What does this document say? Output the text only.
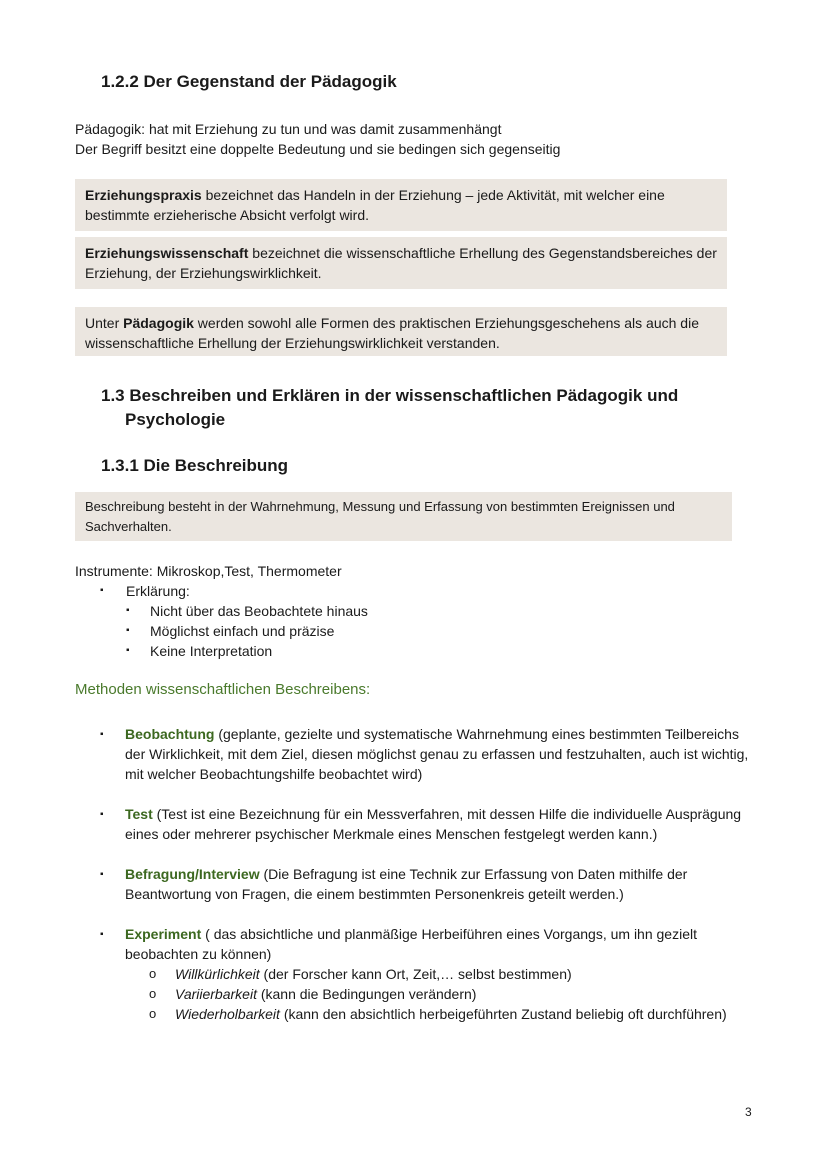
1.2.2 Der Gegenstand der Pädagogik
Pädagogik: hat mit Erziehung zu tun und was damit zusammenhängt
Der Begriff besitzt eine doppelte Bedeutung und sie bedingen sich gegenseitig
Erziehungspraxis bezeichnet das Handeln in der Erziehung – jede Aktivität, mit welcher eine bestimmte erzieherische Absicht verfolgt wird.
Erziehungswissenschaft bezeichnet die wissenschaftliche Erhellung des Gegenstandsbereiches der Erziehung, der Erziehungswirklichkeit.
Unter Pädagogik werden sowohl alle Formen des praktischen Erziehungsgeschehens als auch die wissenschaftliche Erhellung der Erziehungswirklichkeit verstanden.
1.3 Beschreiben und Erklären in der wissenschaftlichen Pädagogik und
Psychologie
1.3.1 Die Beschreibung
Beschreibung besteht in der Wahrnehmung, Messung und Erfassung von bestimmten Ereignissen und Sachverhalten.
Instrumente: Mikroskop,Test, Thermometer
▪ Erklärung:
▪ Nicht über das Beobachtete hinaus
▪ Möglichst einfach und präzise
▪ Keine Interpretation
Methoden wissenschaftlichen Beschreibens:
▪ Beobachtung (geplante, gezielte und systematische Wahrnehmung eines bestimmten Teilbereichs der Wirklichkeit, mit dem Ziel, diesen möglichst genau zu erfassen und festzuhalten, auch ist wichtig, mit welcher Beobachtungshilfe beobachtet wird)
▪ Test (Test ist eine Bezeichnung für ein Messverfahren, mit dessen Hilfe die individuelle Ausprägung eines oder mehrerer psychischer Merkmale eines Menschen festgelegt werden kann.)
▪ Befragung/Interview (Die Befragung ist eine Technik zur Erfassung von Daten mithilfe der Beantwortung von Fragen, die einem bestimmten Personenkreis geteilt werden.)
▪ Experiment ( das absichtliche und planmäßige Herbeiführen eines Vorgangs, um ihn gezielt beobachten zu können)
o Willkürlichkeit (der Forscher kann Ort, Zeit,… selbst bestimmen)
o Variierbarkeit (kann die Bedingungen verändern)
o Wiederholbarkeit (kann den absichtlich herbeigeführten Zustand beliebig oft durchführen)
3
